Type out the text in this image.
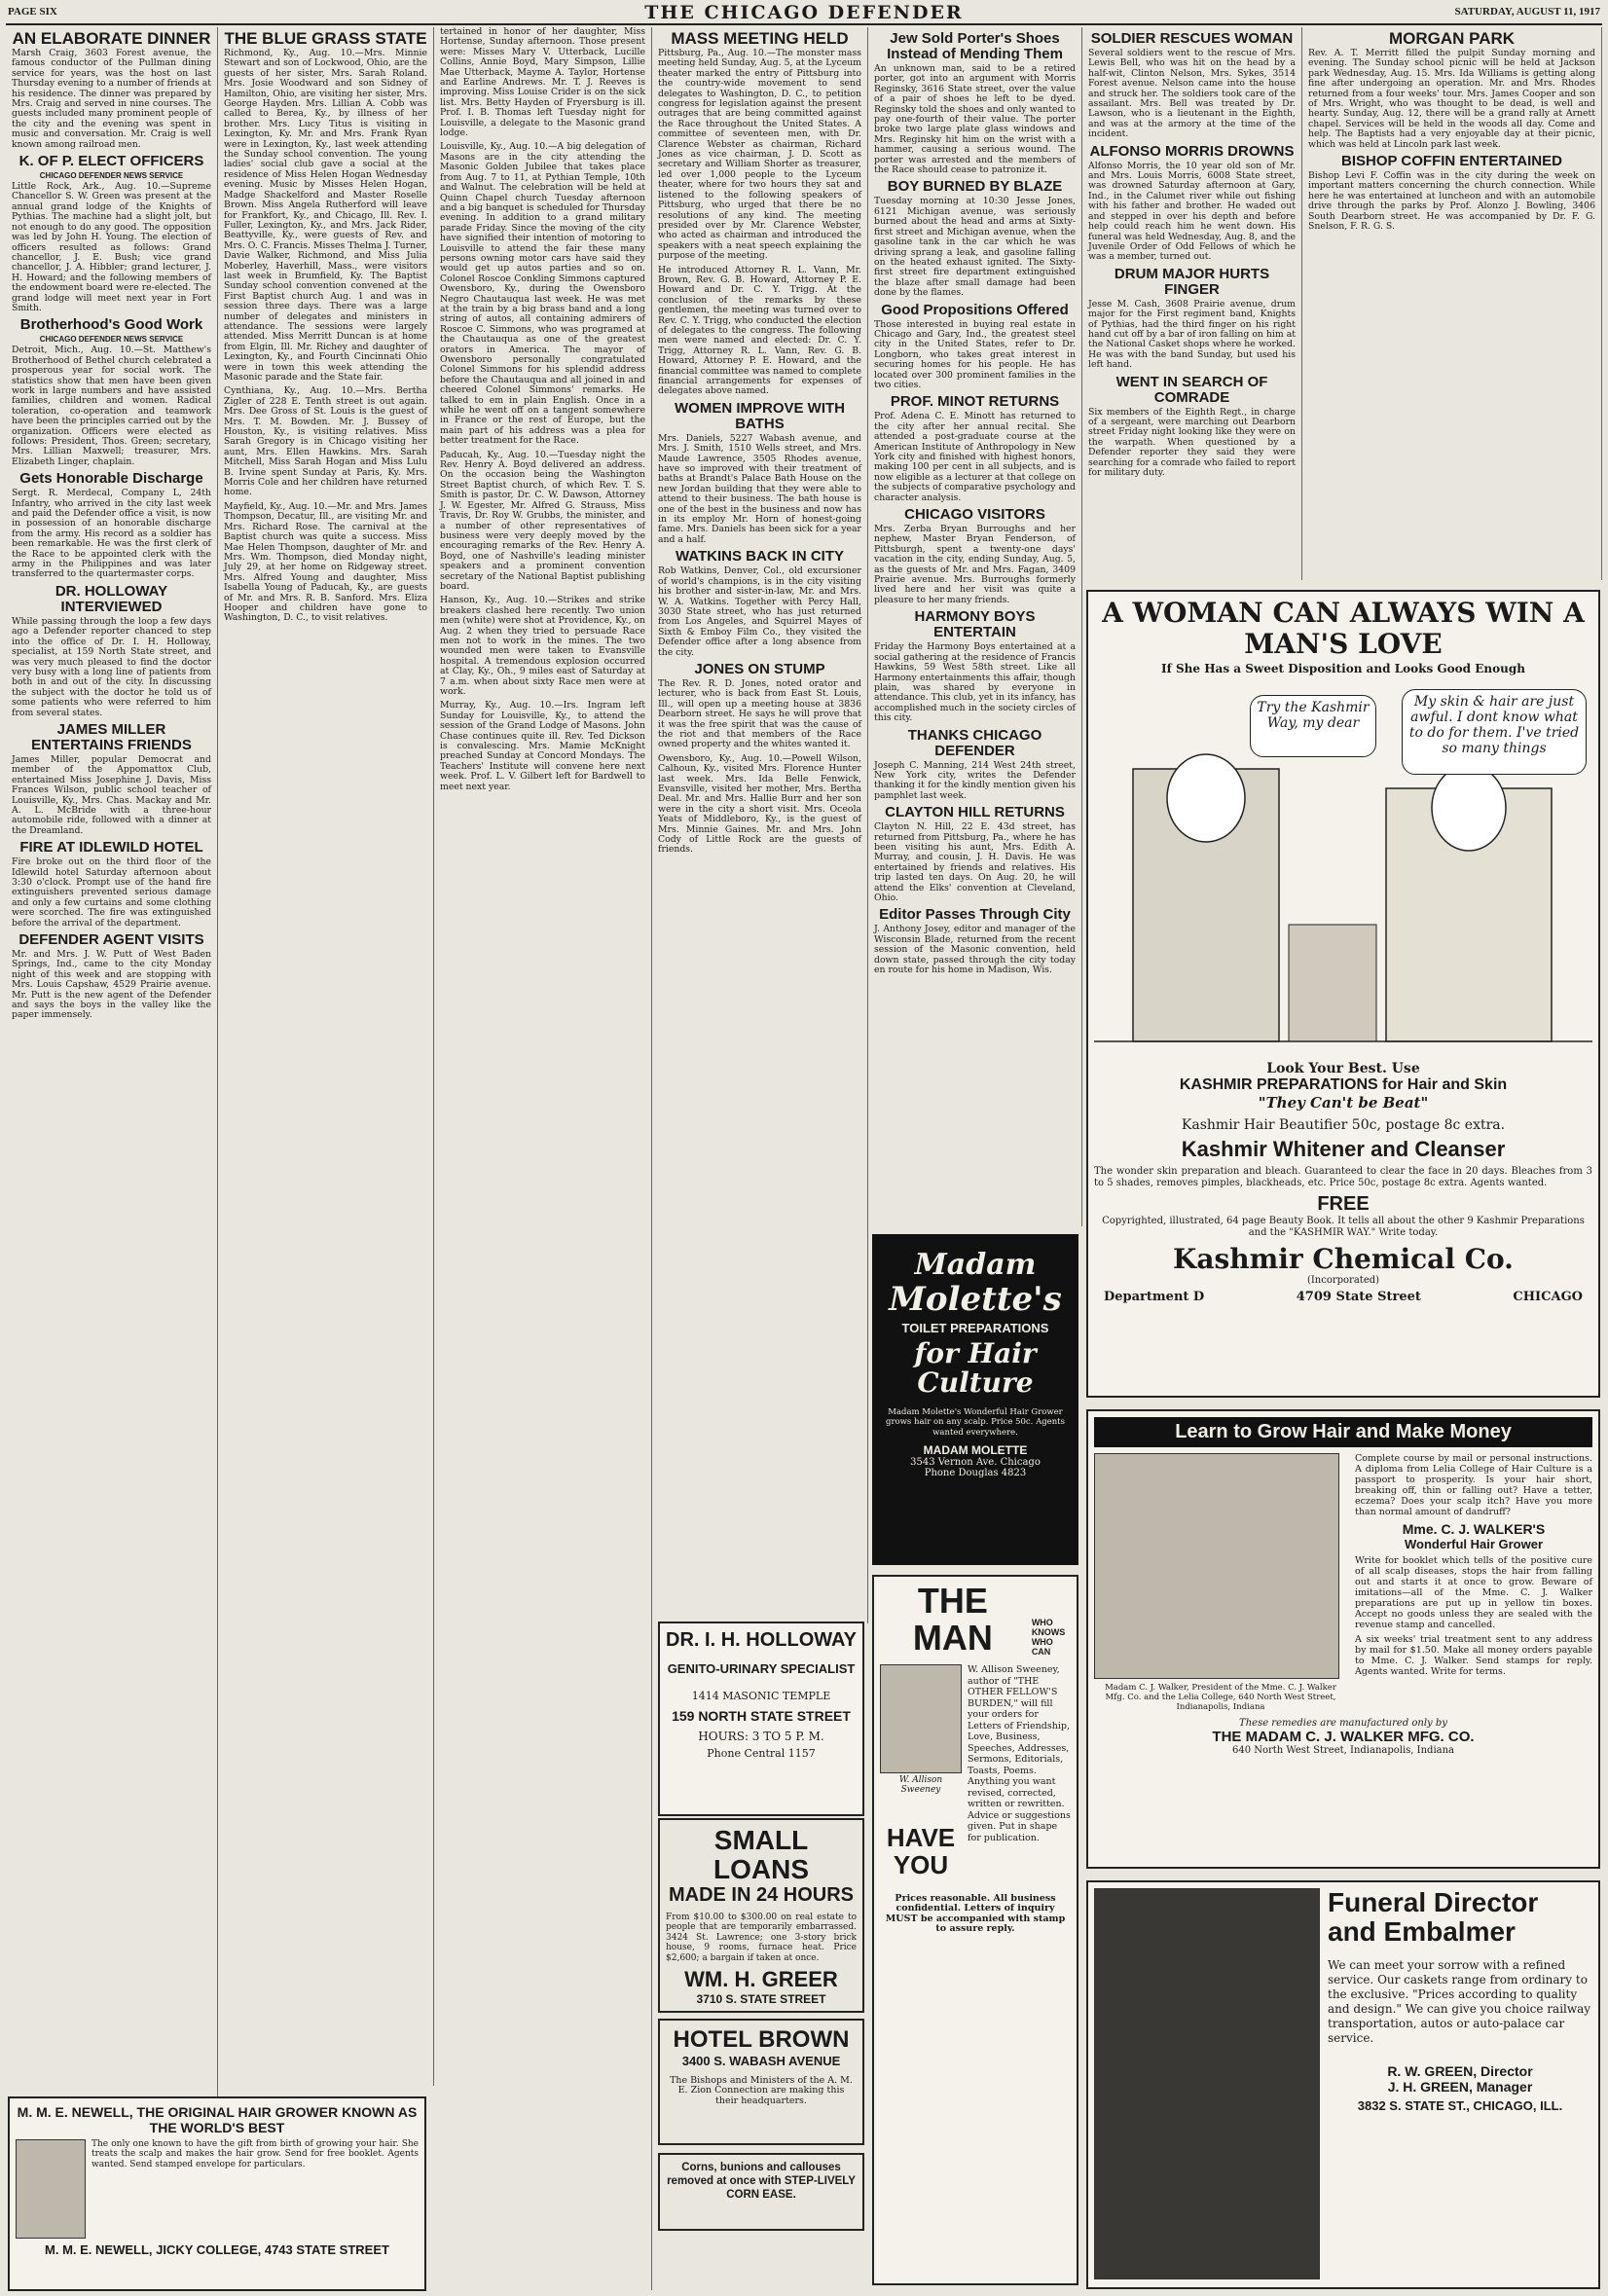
PAGE SIX	THE CHICAGO DEFENDER	SATURDAY, AUGUST 11, 1917
AN ELABORATE DINNER

Marsh Craig, 3603 Forest avenue, the famous conductor of the Pullman dining service for years, was the host on last Thursday evening to a number of friends at his residence. The dinner was prepared by Mrs. Craig and served in nine courses. The guests included many prominent people of the city and the evening was spent in music and conversation. Mr. Craig is well known among railroad men.

K. OF P. ELECT OFFICERS
CHICAGO DEFENDER NEWS SERVICE

Little Rock, Ark., Aug. 10.—Supreme Chancellor S. W. Green was present at the annual grand lodge of the Knights of Pythias. The machine had a slight jolt, but not enough to do any good. The opposition was led by John H. Young. The election of officers resulted as follows: Grand chancellor, J. E. Bush; vice grand chancellor, J. A. Hibbler; grand lecturer, J. H. Howard; and the following members of the endowment board were re-elected. The grand lodge will meet next year in Fort Smith.

Brotherhood's Good Work
CHICAGO DEFENDER NEWS SERVICE

Detroit, Mich., Aug. 10.—St. Matthew's Brotherhood of Bethel church celebrated a prosperous year for social work. The statistics show that men have been given work in large numbers and have assisted families, children and women. Radical toleration, co-operation and teamwork have been the principles carried out by the organization. Officers were elected as follows: President, Thos. Green; secretary, Mrs. Lillian Maxwell; treasurer, Mrs. Elizabeth Linger, chaplain.

Gets Honorable Discharge

Sergt. R. Merdecal, Company L, 24th Infantry, who arrived in the city last week and paid the Defender office a visit, is now in possession of an honorable discharge from the army. His record as a soldier has been remarkable. He was the first clerk of the Race to be appointed clerk with the army in the Philippines and was later transferred to the quartermaster corps.

DR. HOLLOWAY INTERVIEWED

While passing through the loop a few days ago a Defender reporter chanced to step into the office of Dr. I. H. Holloway, specialist, at 159 North State street, and was very much pleased to find the doctor very busy with a long line of patients from both in and out of the city. In discussing the subject with the doctor he told us of some patients who were referred to him from several states.

JAMES MILLER ENTERTAINS FRIENDS

James Miller, popular Democrat and member of the Appomattox Club, entertained Miss Josephine J. Davis, Miss Frances Wilson, public school teacher of Louisville, Ky., Mrs. Chas. Mackay and Mr. A. L. McBride with a three-hour automobile ride, followed with a dinner at the Dreamland.

FIRE AT IDLEWILD HOTEL

Fire broke out on the third floor of the Idlewild hotel Saturday afternoon about 3:30 o'clock. Prompt use of the hand fire extinguishers prevented serious damage and only a few curtains and some clothing were scorched. The fire was extinguished before the arrival of the department.

DEFENDER AGENT VISITS

Mr. and Mrs. J. W. Putt of West Baden Springs, Ind., came to the city Monday night of this week and are stopping with Mrs. Louis Capshaw, 4529 Prairie avenue. Mr. Putt is the new agent of the Defender and says the boys in the valley like the paper immensely.

M. M. E. NEWELL, THE ORIGINAL HAIR GROWER KNOWN AS THE WORLD'S BEST

The only one known to have the gift from birth of growing your hair. She treats the scalp and makes the hair grow. Send for free booklet. Agents wanted. Send stamped envelope for particulars.

M. M. E. NEWELL, JICKY COLLEGE, 4743 STATE STREET
THE BLUE GRASS STATE

Richmond, Ky., Aug. 10.—Mrs. Minnie Stewart and son of Lockwood, Ohio, are the guests of her sister, Mrs. Sarah Roland. Mrs. Josie Woodward and son Sidney of Hamilton, Ohio, are visiting her sister, Mrs. George Hayden. Mrs. Lillian A. Cobb was called to Berea, Ky., by illness of her brother. Mrs. Lucy Titus is visiting in Lexington, Ky. Mr. and Mrs. Frank Ryan were in Lexington, Ky., last week attending the Sunday school convention. The young ladies' social club gave a social at the residence of Miss Helen Hogan Wednesday evening. Music by Misses Helen Hogan, Madge Shackelford and Master Roselle Brown. Miss Angela Rutherford will leave for Frankfort, Ky., and Chicago, Ill. Rev. I. Fuller, Lexington, Ky., and Mrs. Jack Rider, Beattyville, Ky., were guests of Rev. and Mrs. O. C. Francis. Misses Thelma J. Turner, Davie Walker, Richmond, and Miss Julia Moberley, Haverhill, Mass., were visitors last week in Brumfield, Ky. The Baptist Sunday school convention convened at the First Baptist church Aug. 1 and was in session three days. There was a large number of delegates and ministers in attendance. The sessions were largely attended. Miss Merritt Duncan is at home from Elgin, Ill. Mr. Richey and daughter of Lexington, Ky., and Fourth Cincinnati Ohio were in town this week attending the Masonic parade and the State fair.

Cynthiana, Ky., Aug. 10.—Mrs. Bertha Zigler of 228 E. Tenth street is out again. Mrs. Dee Gross of St. Louis is the guest of Mrs. T. M. Bowden. Mr. J. Bussey of Houston, Ky., is visiting relatives. Miss Sarah Gregory is in Chicago visiting her aunt, Mrs. Ellen Hawkins. Mrs. Sarah Mitchell, Miss Sarah Hogan and Miss Lulu B. Irvine spent Sunday at Paris, Ky. Mrs. Morris Cole and her children have returned home.

Mayfield, Ky., Aug. 10.—Mr. and Mrs. James Thompson, Decatur, Ill., are visiting Mr. and Mrs. Richard Rose. The carnival at the Baptist church was quite a success. Miss Mae Helen Thompson, daughter of Mr. and Mrs. Wm. Thompson, died Monday night, July 29, at her home on Ridgeway street. Mrs. Alfred Young and daughter, Miss Isabella Young of Paducah, Ky., are guests of Mr. and Mrs. R. B. Sanford. Mrs. Eliza Hooper and children have gone to Washington, D. C., to visit relatives.

tertained in honor of her daughter, Miss Hortense, Sunday afternoon. Those present were: Misses Mary V. Utterback, Lucille Collins, Annie Boyd, Mary Simpson, Lillie Mae Utterback, Mayme A. Taylor, Hortense and Earline Andrews. Mr. T. J. Reeves is improving. Miss Louise Crider is on the sick list. Mrs. Betty Hayden of Fryersburg is ill. Prof. I. B. Thomas left Tuesday night for Louisville, a delegate to the Masonic grand lodge.

Louisville, Ky., Aug. 10.—A big delegation of Masons are in the city attending the Masonic Golden Jubilee that takes place from Aug. 7 to 11, at Pythian Temple, 10th and Walnut. The celebration will be held at Quinn Chapel church Tuesday afternoon and a big banquet is scheduled for Thursday evening. In addition to a grand military parade Friday. Since the moving of the city have signified their intention of motoring to Louisville to attend the fair these many persons owning motor cars have said they would get up autos parties and so on. Colonel Roscoe Conkling Simmons captured Owensboro, Ky., during the Owensboro Negro Chautauqua last week. He was met at the train by a big brass band and a long string of autos, all containing admirers of Roscoe C. Simmons, who was programed at the Chautauqua as one of the greatest orators in America. The mayor of Owensboro personally congratulated Colonel Simmons for his splendid address before the Chautauqua and all joined in and cheered Colonel Simmons' remarks. He talked to em in plain English. Once in a while he went off on a tangent somewhere in France or the rest of Europe, but the main part of his address was a plea for better treatment for the Race.

Paducah, Ky., Aug. 10.—Tuesday night the Rev. Henry A. Boyd delivered an address. On the occasion being the Washington Street Baptist church, of which Rev. T. S. Smith is pastor, Dr. C. W. Dawson, Attorney J. W. Egester, Mr. Alfred G. Strauss, Miss Travis, Dr. Roy W. Grubbs, the minister, and a number of other representatives of business were very deeply moved by the encouraging remarks of the Rev. Henry A. Boyd, one of Nashville's leading minister speakers and a prominent convention secretary of the National Baptist publishing board.

Hanson, Ky., Aug. 10.—Strikes and strike breakers clashed here recently. Two union men (white) were shot at Providence, Ky., on Aug. 2 when they tried to persuade Race men not to work in the mines. The two wounded men were taken to Evansville hospital. A tremendous explosion occurred at Clay, Ky., Oh., 9 miles east of Saturday at 7 a.m. when about sixty Race men were at work.

Murray, Ky., Aug. 10.—Irs. Ingram left Sunday for Louisville, Ky., to attend the session of the Grand Lodge of Masons. John Chase continues quite ill. Rev. Ted Dickson is convalescing. Mrs. Mamie McKnight preached Sunday at Concord Mondays. The Teachers' Institute will convene here next week. Prof. L. V. Gilbert left for Bardwell to meet next year.

MASS MEETING HELD

Pittsburg, Pa., Aug. 10.—The monster mass meeting held Sunday, Aug. 5, at the Lyceum theater marked the entry of Pittsburg into the country-wide movement to send delegates to Washington, D. C., to petition congress for legislation against the present outrages that are being committed against the Race throughout the United States. A committee of seventeen men, with Dr. Clarence Webster as chairman, Richard Jones as vice chairman, J. D. Scott as secretary and William Shorter as treasurer, led over 1,000 people to the Lyceum theater, where for two hours they sat and listened to the following speakers of Pittsburg, who urged that there be no resolutions of any kind. The meeting presided over by Mr. Clarence Webster, who acted as chairman and introduced the speakers with a neat speech explaining the purpose of the meeting.

He introduced Attorney R. L. Vann, Mr. Brown, Rev. G. B. Howard, Attorney P. E. Howard and Dr. C. Y. Trigg. At the conclusion of the remarks by these gentlemen, the meeting was turned over to Rev. C. Y. Trigg, who conducted the election of delegates to the congress. The following men were named and elected: Dr. C. Y. Trigg, Attorney R. L. Vann, Rev. G. B. Howard, Attorney P. E. Howard, and the financial committee was named to complete financial arrangements for expenses of delegates above named.

WOMEN IMPROVE WITH BATHS

Mrs. Daniels, 5227 Wabash avenue, and Mrs. J. Smith, 1510 Wells street, and Mrs. Maude Lawrence, 3505 Rhodes avenue, have so improved with their treatment of baths at Brandt's Palace Bath House on the new Jordan building that they were able to attend to their business. The bath house is one of the best in the business and now has in its employ Mr. Horn of honest-going fame. Mrs. Daniels has been sick for a year and a half.

WATKINS BACK IN CITY

Rob Watkins, Denver, Col., old excursioner of world's champions, is in the city visiting his brother and sister-in-law, Mr. and Mrs. W. A. Watkins. Together with Percy Hall, 3030 State street, who has just returned from Los Angeles, and Squirrel Mayes of Sixth & Emboy Film Co., they visited the Defender office after a long absence from the city.

JONES ON STUMP

The Rev. R. D. Jones, noted orator and lecturer, who is back from East St. Louis, Ill., will open up a meeting house at 3836 Dearborn street. He says he will prove that it was the free spirit that was the cause of the riot and that members of the Race owned property and the whites wanted it.

Owensboro, Ky., Aug. 10.—Powell Wilson, Calhoun, Ky., visited Mrs. Florence Hunter last week. Mrs. Ida Belle Fenwick, Evansville, visited her mother, Mrs. Bertha Deal. Mr. and Mrs. Hallie Burr and her son were in the city a short visit. Mrs. Oceola Yeats of Middleboro, Ky., is the guest of Mrs. Minnie Gaines. Mr. and Mrs. John Cody of Little Rock are the guests of friends.

DR. I. H. HOLLOWAY
GENITO-URINARY SPECIALIST
1414 MASONIC TEMPLE
159 NORTH STATE STREET
HOURS: 3 TO 5 P. M.
Phone Central 1157
SMALL LOANS
MADE IN 24 HOURS

From $10.00 to $300.00 on real estate to people that are temporarily embarrassed. 3424 St. Lawrence; one 3-story brick house, 9 rooms, furnace heat. Price $2,600; a bargain if taken at once.

WM. H. GREER
3710 S. STATE STREET
HOTEL BROWN
3400 S. WABASH AVENUE

The Bishops and Ministers of the A. M. E. Zion Connection are making this their headquarters.

Corns, bunions and callouses removed at once with STEP-LIVELY CORN EASE.
Jew Sold Porter's Shoes Instead of Mending Them

An unknown man, said to be a retired porter, got into an argument with Morris Reginsky, 3616 State street, over the value of a pair of shoes he left to be dyed. Reginsky told the shoes and only wanted to pay one-fourth of their value. The porter broke two large plate glass windows and Mrs. Reginsky hit him on the wrist with a hammer, causing a serious wound. The porter was arrested and the members of the Race should cease to patronize it.

BOY BURNED BY BLAZE

Tuesday morning at 10:30 Jesse Jones, 6121 Michigan avenue, was seriously burned about the head and arms at Sixty-first street and Michigan avenue, when the gasoline tank in the car which he was driving sprang a leak, and gasoline falling on the heated exhaust ignited. The Sixty-first street fire department extinguished the blaze after small damage had been done by the flames.

Good Propositions Offered

Those interested in buying real estate in Chicago and Gary, Ind., the greatest steel city in the United States, refer to Dr. Longborn, who takes great interest in securing homes for his people. He has located over 300 prominent families in the two cities.

PROF. MINOT RETURNS

Prof. Adena C. E. Minott has returned to the city after her annual recital. She attended a post-graduate course at the American Institute of Anthropology in New York city and finished with highest honors, making 100 per cent in all subjects, and is now eligible as a lecturer at that college on the subjects of comparative psychology and character analysis.

CHICAGO VISITORS

Mrs. Zerba Bryan Burroughs and her nephew, Master Bryan Fenderson, of Pittsburgh, spent a twenty-one days' vacation in the city, ending Sunday, Aug. 5, as the guests of Mr. and Mrs. Fagan, 3409 Prairie avenue. Mrs. Burroughs formerly lived here and her visit was quite a pleasure to her many friends.

HARMONY BOYS ENTERTAIN

Friday the Harmony Boys entertained at a social gathering at the residence of Francis Hawkins, 59 West 58th street. Like all Harmony entertainments this affair, though plain, was shared by everyone in attendance. This club, yet in its infancy, has accomplished much in the society circles of this city.

THANKS CHICAGO DEFENDER

Joseph C. Manning, 214 West 24th street, New York city, writes the Defender thanking it for the kindly mention given his pamphlet last week.

CLAYTON HILL RETURNS

Clayton N. Hill, 22 E. 43d street, has returned from Pittsburg, Pa., where he has been visiting his aunt, Mrs. Edith A. Murray, and cousin, J. H. Davis. He was entertained by friends and relatives. His trip lasted ten days. On Aug. 20, he will attend the Elks' convention at Cleveland, Ohio.

Editor Passes Through City

J. Anthony Josey, editor and manager of the Wisconsin Blade, returned from the recent session of the Masonic convention, held down state, passed through the city today en route for his home in Madison, Wis.

Madam
Molette's
TOILET PREPARATIONS
for Hair Culture

Madam Molette's Wonderful Hair Grower grows hair on any scalp. Price 50c. Agents wanted everywhere.

MADAM MOLETTE
3543 Vernon Ave. Chicago
Phone Douglas 4823
THE MAN	WHO KNOWS WHO CAN
W. Allison Sweeney
HAVE YOU

W. Allison Sweeney, author of "THE OTHER FELLOW'S BURDEN," will fill your orders for Letters of Friendship, Love, Business, Speeches, Addresses, Sermons, Editorials, Toasts, Poems. Anything you want revised, corrected, written or rewritten. Advice or suggestions given. Put in shape for publication.

Prices reasonable. All business confidential. Letters of inquiry MUST be accompanied with stamp to assure reply.

SOLDIER RESCUES WOMAN

Several soldiers went to the rescue of Mrs. Lewis Bell, who was hit on the head by a half-wit, Clinton Nelson, Mrs. Sykes, 3514 Forest avenue. Nelson came into the house and struck her. The soldiers took care of the assailant. Mrs. Bell was treated by Dr. Lawson, who is a lieutenant in the Eighth, and was at the armory at the time of the incident.

ALFONSO MORRIS DROWNS

Alfonso Morris, the 10 year old son of Mr. and Mrs. Louis Morris, 6008 State street, was drowned Saturday afternoon at Gary, Ind., in the Calumet river while out fishing with his father and brother. He waded out and stepped in over his depth and before help could reach him he went down. His funeral was held Wednesday, Aug. 8, and the Juvenile Order of Odd Fellows of which he was a member, turned out.

DRUM MAJOR HURTS FINGER

Jesse M. Cash, 3608 Prairie avenue, drum major for the First regiment band, Knights of Pythias, had the third finger on his right hand cut off by a bar of iron falling on him at the National Casket shops where he worked. He was with the band Sunday, but used his left hand.

WENT IN SEARCH OF COMRADE

Six members of the Eighth Regt., in charge of a sergeant, were marching out Dearborn street Friday night looking like they were on the warpath. When questioned by a Defender reporter they said they were searching for a comrade who failed to report for military duty.

MORGAN PARK

Rev. A. T. Merritt filled the pulpit Sunday morning and evening. The Sunday school picnic will be held at Jackson park Wednesday, Aug. 15. Mrs. Ida Williams is getting along fine after undergoing an operation. Mr. and Mrs. Rhodes returned from a four weeks' tour. Mrs. James Cooper and son of Mrs. Wright, who was thought to be dead, is well and hearty. Sunday, Aug. 12, there will be a grand rally at Arnett chapel. Services will be held in the woods all day. Come and help. The Baptists had a very enjoyable day at their picnic, which was held at Lincoln park last week.

BISHOP COFFIN ENTERTAINED

Bishop Levi F. Coffin was in the city during the week on important matters concerning the church connection. While here he was entertained at luncheon and with an automobile drive through the parks by Prof. Alonzo J. Bowling, 3406 South Dearborn street. He was accompanied by Dr. F. G. Snelson, F. R. G. S.

A WOMAN CAN ALWAYS WIN A MAN'S LOVE
If She Has a Sweet Disposition and Looks Good Enough
Try the Kashmir Way, my dear
My skin & hair are just awful. I dont know what to do for them. I've tried so many things
Look Your Best. Use
KASHMIR PREPARATIONS for Hair and Skin
"They Can't be Beat"
Kashmir Hair Beautifier 50c, postage 8c extra.
Kashmir Whitener and Cleanser

The wonder skin preparation and bleach. Guaranteed to clear the face in 20 days. Bleaches from 3 to 5 shades, removes pimples, blackheads, etc. Price 50c, postage 8c extra. Agents wanted.

FREE

Copyrighted, illustrated, 64 page Beauty Book. It tells all about the other 9 Kashmir Preparations and the "KASHMIR WAY." Write today.

Kashmir Chemical Co.
(Incorporated)
Department D	4709 State Street	CHICAGO
Learn to Grow Hair and Make Money
Madam C. J. Walker, President of the Mme. C. J. Walker Mfg. Co. and the Lelia College, 640 North West Street, Indianapolis, Indiana

Complete course by mail or personal instructions. A diploma from Lelia College of Hair Culture is a passport to prosperity. Is your hair short, breaking off, thin or falling out? Have a tetter, eczema? Does your scalp itch? Have you more than normal amount of dandruff?

Mme. C. J. WALKER'S
Wonderful Hair Grower

Write for booklet which tells of the positive cure of all scalp diseases, stops the hair from falling out and starts it at once to grow. Beware of imitations—all of the Mme. C. J. Walker preparations are put up in yellow tin boxes. Accept no goods unless they are sealed with the revenue stamp and cancelled.

A six weeks' trial treatment sent to any address by mail for $1.50. Make all money orders payable to Mme. C. J. Walker. Send stamps for reply. Agents wanted. Write for terms.

These remedies are manufactured only by
THE MADAM C. J. WALKER MFG. CO.
640 North West Street, Indianapolis, Indiana
Funeral Director
and Embalmer

We can meet your sorrow with a refined service. Our caskets range from ordinary to the exclusive. "Prices according to quality and design." We can give you choice railway transportation, autos or auto-palace car service.

R. W. GREEN, Director
J. H. GREEN, Manager
3832 S. STATE ST., CHICAGO, ILL.
